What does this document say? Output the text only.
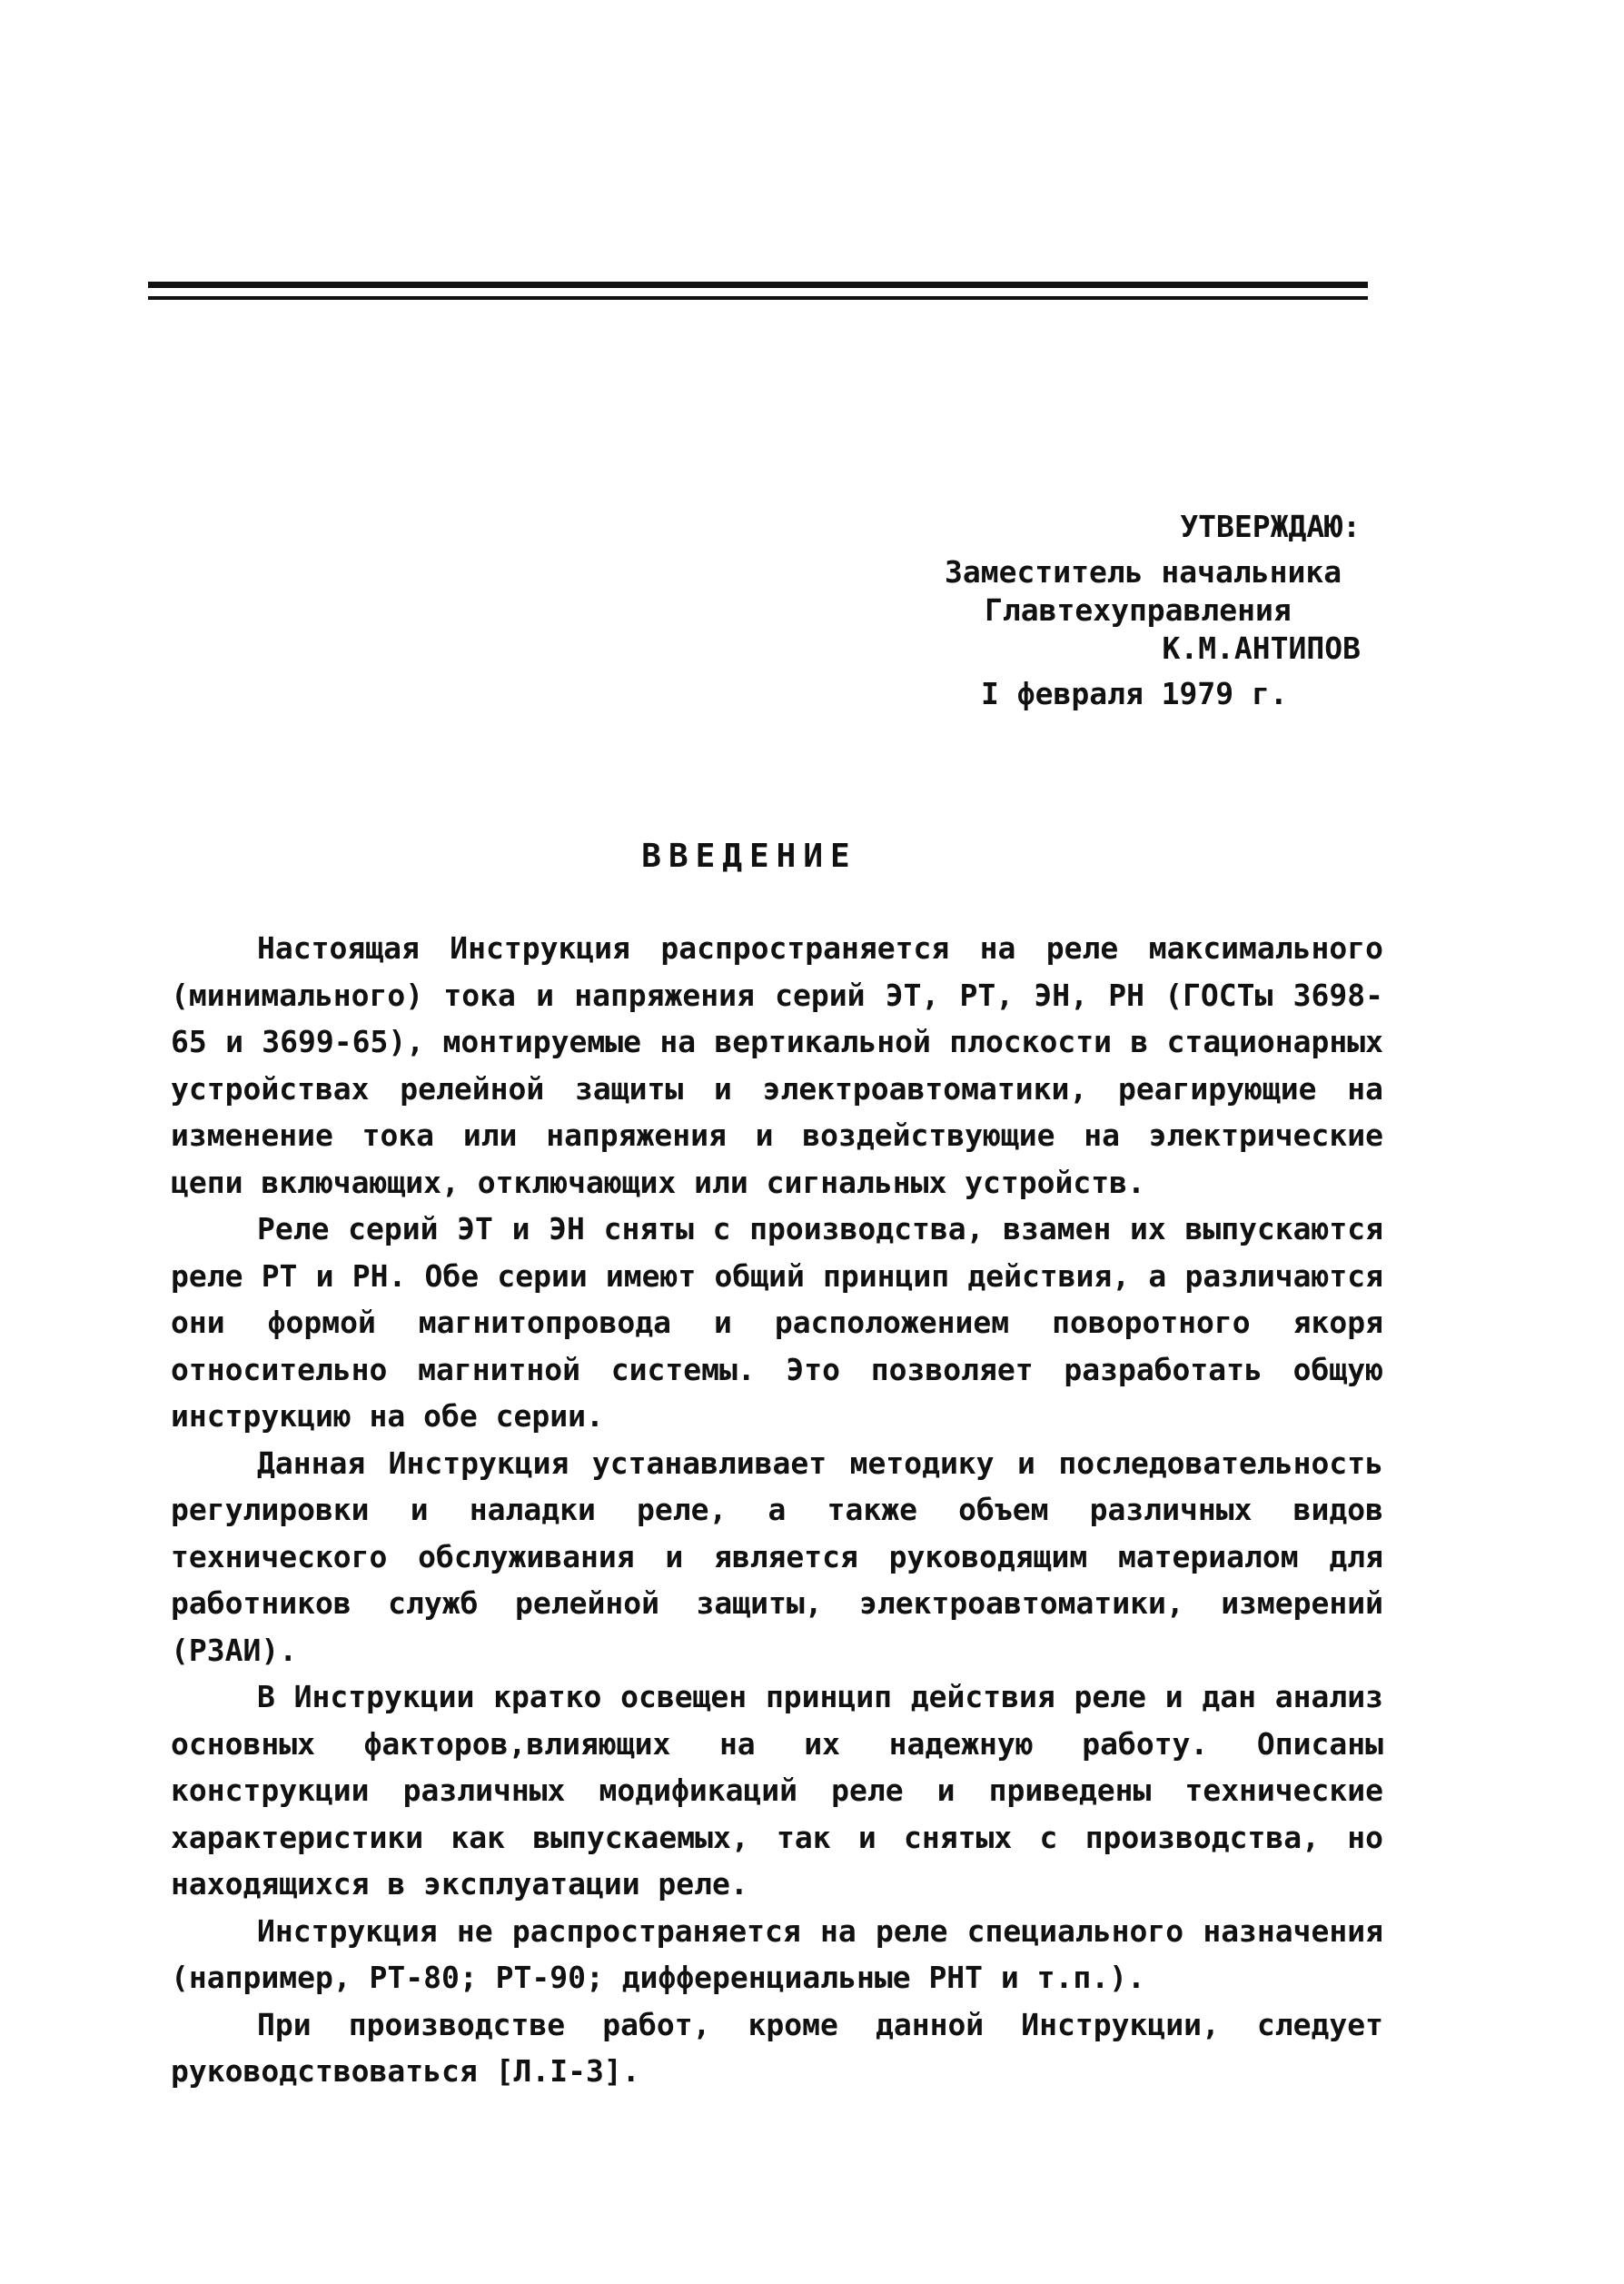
УТВЕРЖДАЮ:
Заместитель начальника
Главтехуправления
К.М.АНТИПОВ
I февраля 1979 г.
ВВЕДЕНИЕ

Настоящая Инструкция распространяется на реле максимального (минимального) тока и напряжения серий ЭТ, РТ, ЭН, РН (ГОСТы 3698-65 и 3699-65), монтируемые на вертикальной плоскости в стационарных устройствах релейной защиты и электроавтоматики, реагирующие на изменение тока или напряжения и воздействующие на электрические цепи включающих, отключающих или сигнальных устройств.

Реле серий ЭТ и ЭН сняты с производства, взамен их выпускаются реле РТ и РН. Обе серии имеют общий принцип действия, а различаются они формой магнитопровода и расположением поворотного якоря относительно магнитной системы. Это позволяет разработать общую инструкцию на обе серии.

Данная Инструкция устанавливает методику и последовательность регулировки и наладки реле, а также объем различных видов технического обслуживания и является руководящим материалом для работников служб релейной защиты, электроавтоматики, измерений (РЗАИ).

В Инструкции кратко освещен принцип действия реле и дан анализ основных факторов,влияющих на их надежную работу. Описаны конструкции различных модификаций реле и приведены технические характеристики как выпускаемых, так и снятых с производства, но находящихся в эксплуатации реле.

Инструкция не распространяется на реле специального назначения (например, РТ-80; РТ-90; дифференциальные РНТ и т.п.).

При производстве работ, кроме данной Инструкции, следует руководствоваться [Л.I-3].
